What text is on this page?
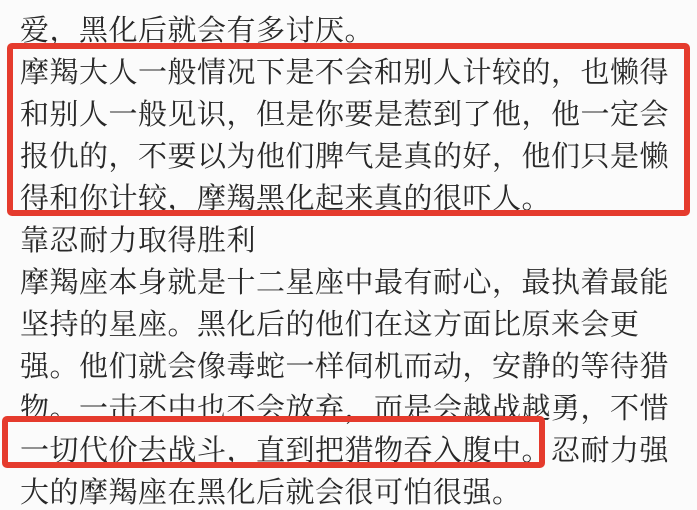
爱，黑化后就会有多讨厌。
摩羯大人一般情况下是不会和别人计较的，也懒得
和别人一般见识，但是你要是惹到了他，他一定会
报仇的，不要以为他们脾气是真的好，他们只是懒
得和你计较，摩羯黑化起来真的很吓人。
靠忍耐力取得胜利
摩羯座本身就是十二星座中最有耐心，最执着最能
坚持的星座。黑化后的他们在这方面比原来会更
强。他们就会像毒蛇一样伺机而动，安静的等待猎
物。一击不中也不会放弃，而是会越战越勇，不惜
一切代价去战斗，直到把猎物吞入腹中。忍耐力强
大的摩羯座在黑化后就会很可怕很强。
